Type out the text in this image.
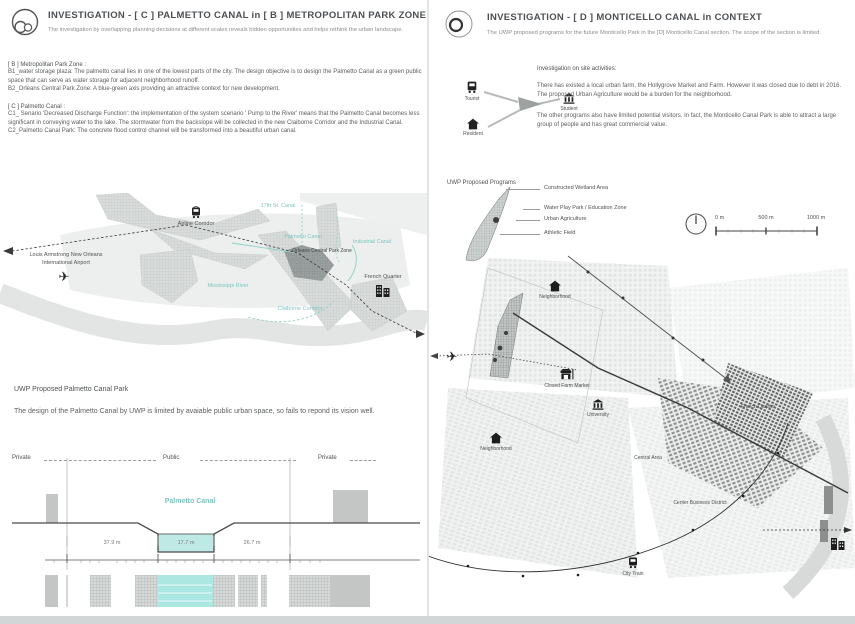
INVESTIGATION - [ C ] PALMETTO CANAL in [ B ] METROPOLITAN PARK ZONE
The investigation by overlapping planning decisions at different scales reveals hidden opportunities and helps rethink the urban landscape.
[ B ] Metropolitan Park Zone :
B1_water storage plaza: The palmetto canal lies in one of the lowest parts of the city. The design objective is to design the Palmetto Canal as a green public space that can serve as water storage for adjacent neighborhood runoff.
B2_Orleans Central Park Zone: A blue-green axis providing an attractive context for new development.
[ C ] Palmetto Canal :
C1_ Senario 'Decreased Discharge Function': the implementation of the system scenario ' Pump to the River' means that the Palmetto Canal becomes less significant in conveying water to the lake. The stormwater from the backslope will be collected in the new Claiborne Corridor and the Industrial Canal.
C2_Palmetto Canal Park: The concrete flood control channel will be transformed into a beautiful urban canal.
Airline Corridor
17th St. Canal
Palmetto Canal
Orleans Central Park Zone
Industrial Canal
Mississippi River
Claiborne Corridor
Louis Armstrong New Orleans
International Airport
✈	French Quarter
UWP Proposed Palmetto Canal Park
The design of the Palmetto Canal by UWP is limited by avaiable public urban space, so fails to repond its vision well.
Private	Public	Private
Palmetto Canal
37.9 m	17.7 m	26.7 m
INVESTIGATION - [ D ] MONTICELLO CANAL in CONTEXT
The UWP proposed programs for the future Monticello Park in the [D] Monticello Canal section. The scope of the section is limited.
Tourist
Student
Resident
Investigation on site activities:
There has existed a local urban farm, the Hollygrove Market and Farm. However it was closed due to debt in 2016. The proposed Urban Agriculture would be a burden for the neighborhood.
The other programs also have limited potential visitors. In fact, the Monticello Canal Park is able to attract a large group of people and has great commercial value.
UWP Proposed Programs
Constructed Wetland Area
Water Play Park / Education Zone
Urban Agriculture
Athletic Field
0 m	500 m	1000 m
Neighborhood
✈
Closed Farm Market
University
Neighborhood
French Quarter
Central Area
Center Business District
City Train
